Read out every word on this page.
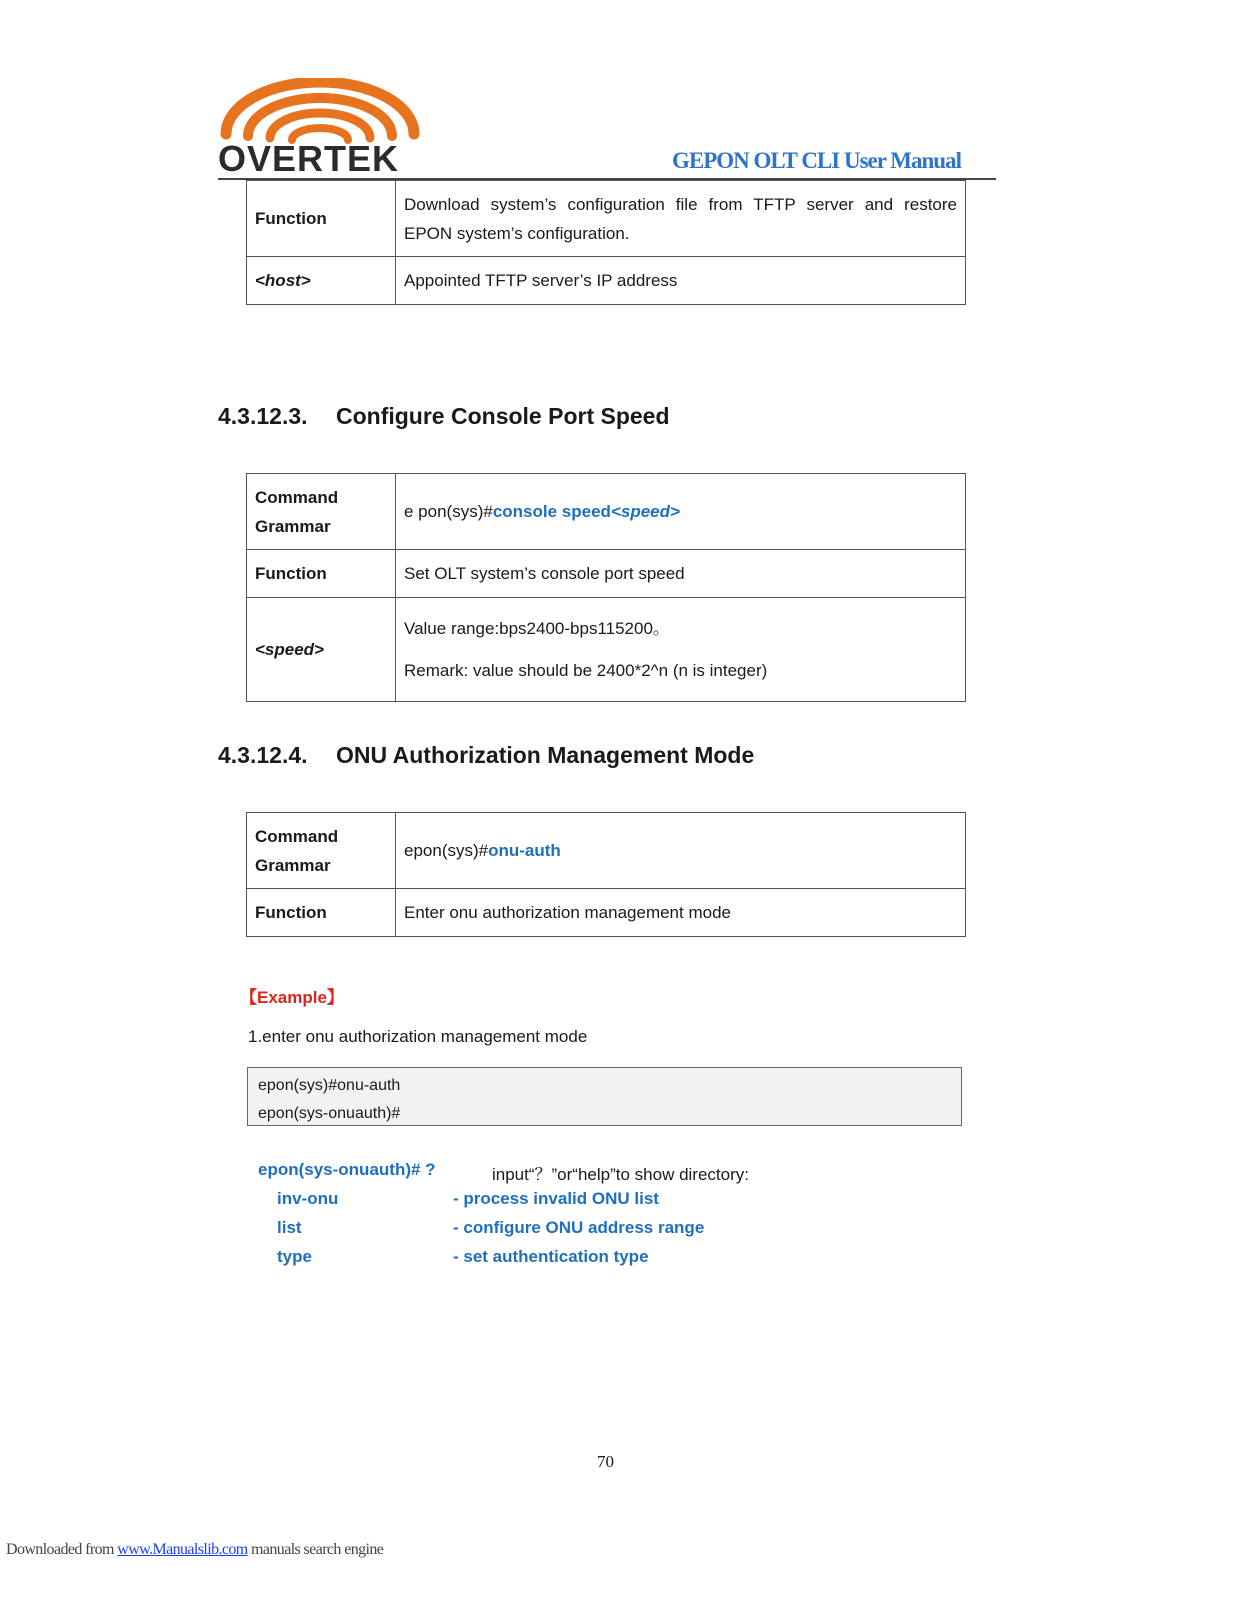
OVERTEK	GEPON OLT CLI User Manual
Function	Download system’s configuration file from TFTP server and restore EPON system’s configuration.
<host>	Appointed TFTP server’s IP address
4.3.12.3. Configure Console Port Speed
Command Grammar	e pon(sys)#console speed<speed>
Function	Set OLT system’s console port speed
<speed>	Value range:bps2400-bps115200。
Remark: value should be 2400*2^n (n is integer)
4.3.12.4. ONU Authorization Management Mode
Command Grammar	epon(sys)#onu-auth
Function	Enter onu authorization management mode
【Example】
1.enter onu authorization management mode
epon(sys)#onu-auth
epon(sys-onuauth)#
epon(sys-onuauth)# ?	input“？”or“help”to show directory:
inv-onu	- process invalid ONU list
list	- configure ONU address range
type	- set authentication type
70
Downloaded from www.Manualslib.com manuals search engine
